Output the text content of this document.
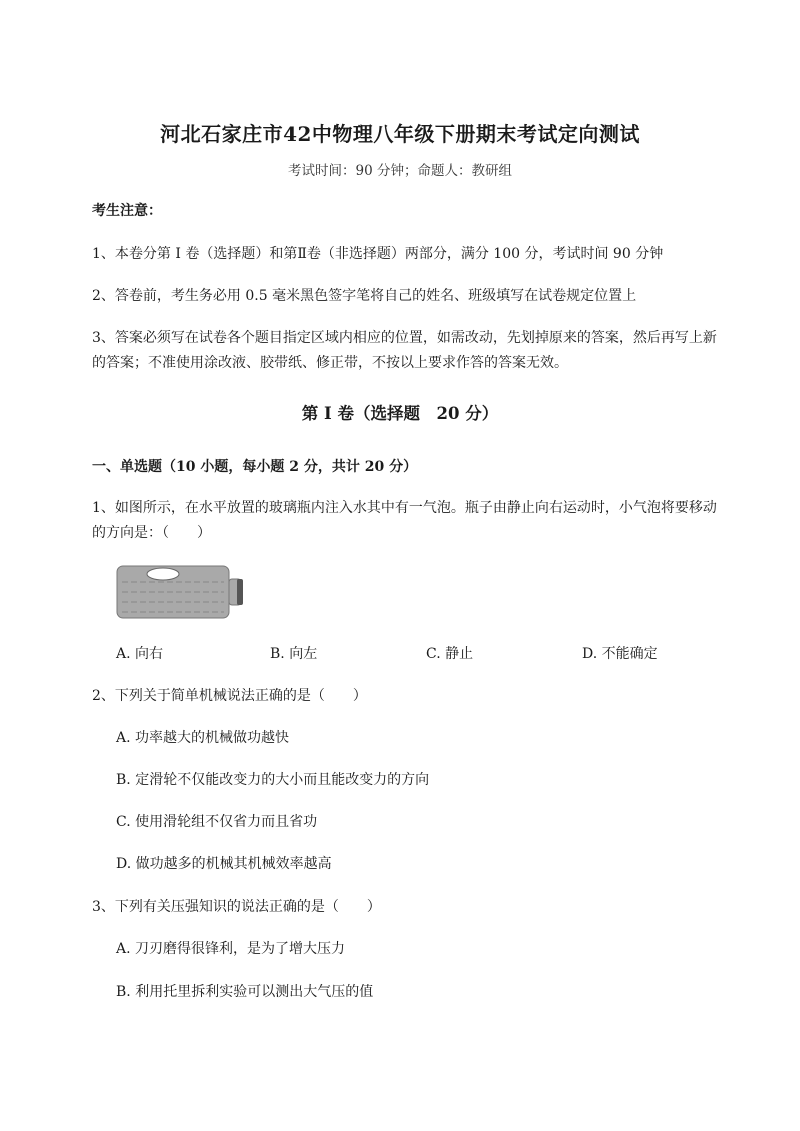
河北石家庄市42中物理八年级下册期末考试定向测试
考试时间：90 分钟；命题人：教研组
考生注意：
1、本卷分第 I 卷（选择题）和第Ⅱ卷（非选择题）两部分，满分 100 分，考试时间 90 分钟
2、答卷前，考生务必用 0.5 毫米黑色签字笔将自己的姓名、班级填写在试卷规定位置上
3、答案必须写在试卷各个题目指定区域内相应的位置，如需改动，先划掉原来的答案，然后再写上新
的答案；不准使用涂改液、胶带纸、修正带，不按以上要求作答的答案无效。
第 I 卷（选择题　20 分）
一、单选题（10 小题，每小题 2 分，共计 20 分）
1、如图所示，在水平放置的玻璃瓶内注入水其中有一气泡。瓶子由静止向右运动时，小气泡将要移动
的方向是：（　　）
A. 向右	B. 向左	C. 静止	D. 不能确定
2、下列关于简单机械说法正确的是（　　）
A. 功率越大的机械做功越快
B. 定滑轮不仅能改变力的大小而且能改变力的方向
C. 使用滑轮组不仅省力而且省功
D. 做功越多的机械其机械效率越高
3、下列有关压强知识的说法正确的是（　　）
A. 刀刃磨得很锋利，是为了增大压力
B. 利用托里拆利实验可以测出大气压的值
